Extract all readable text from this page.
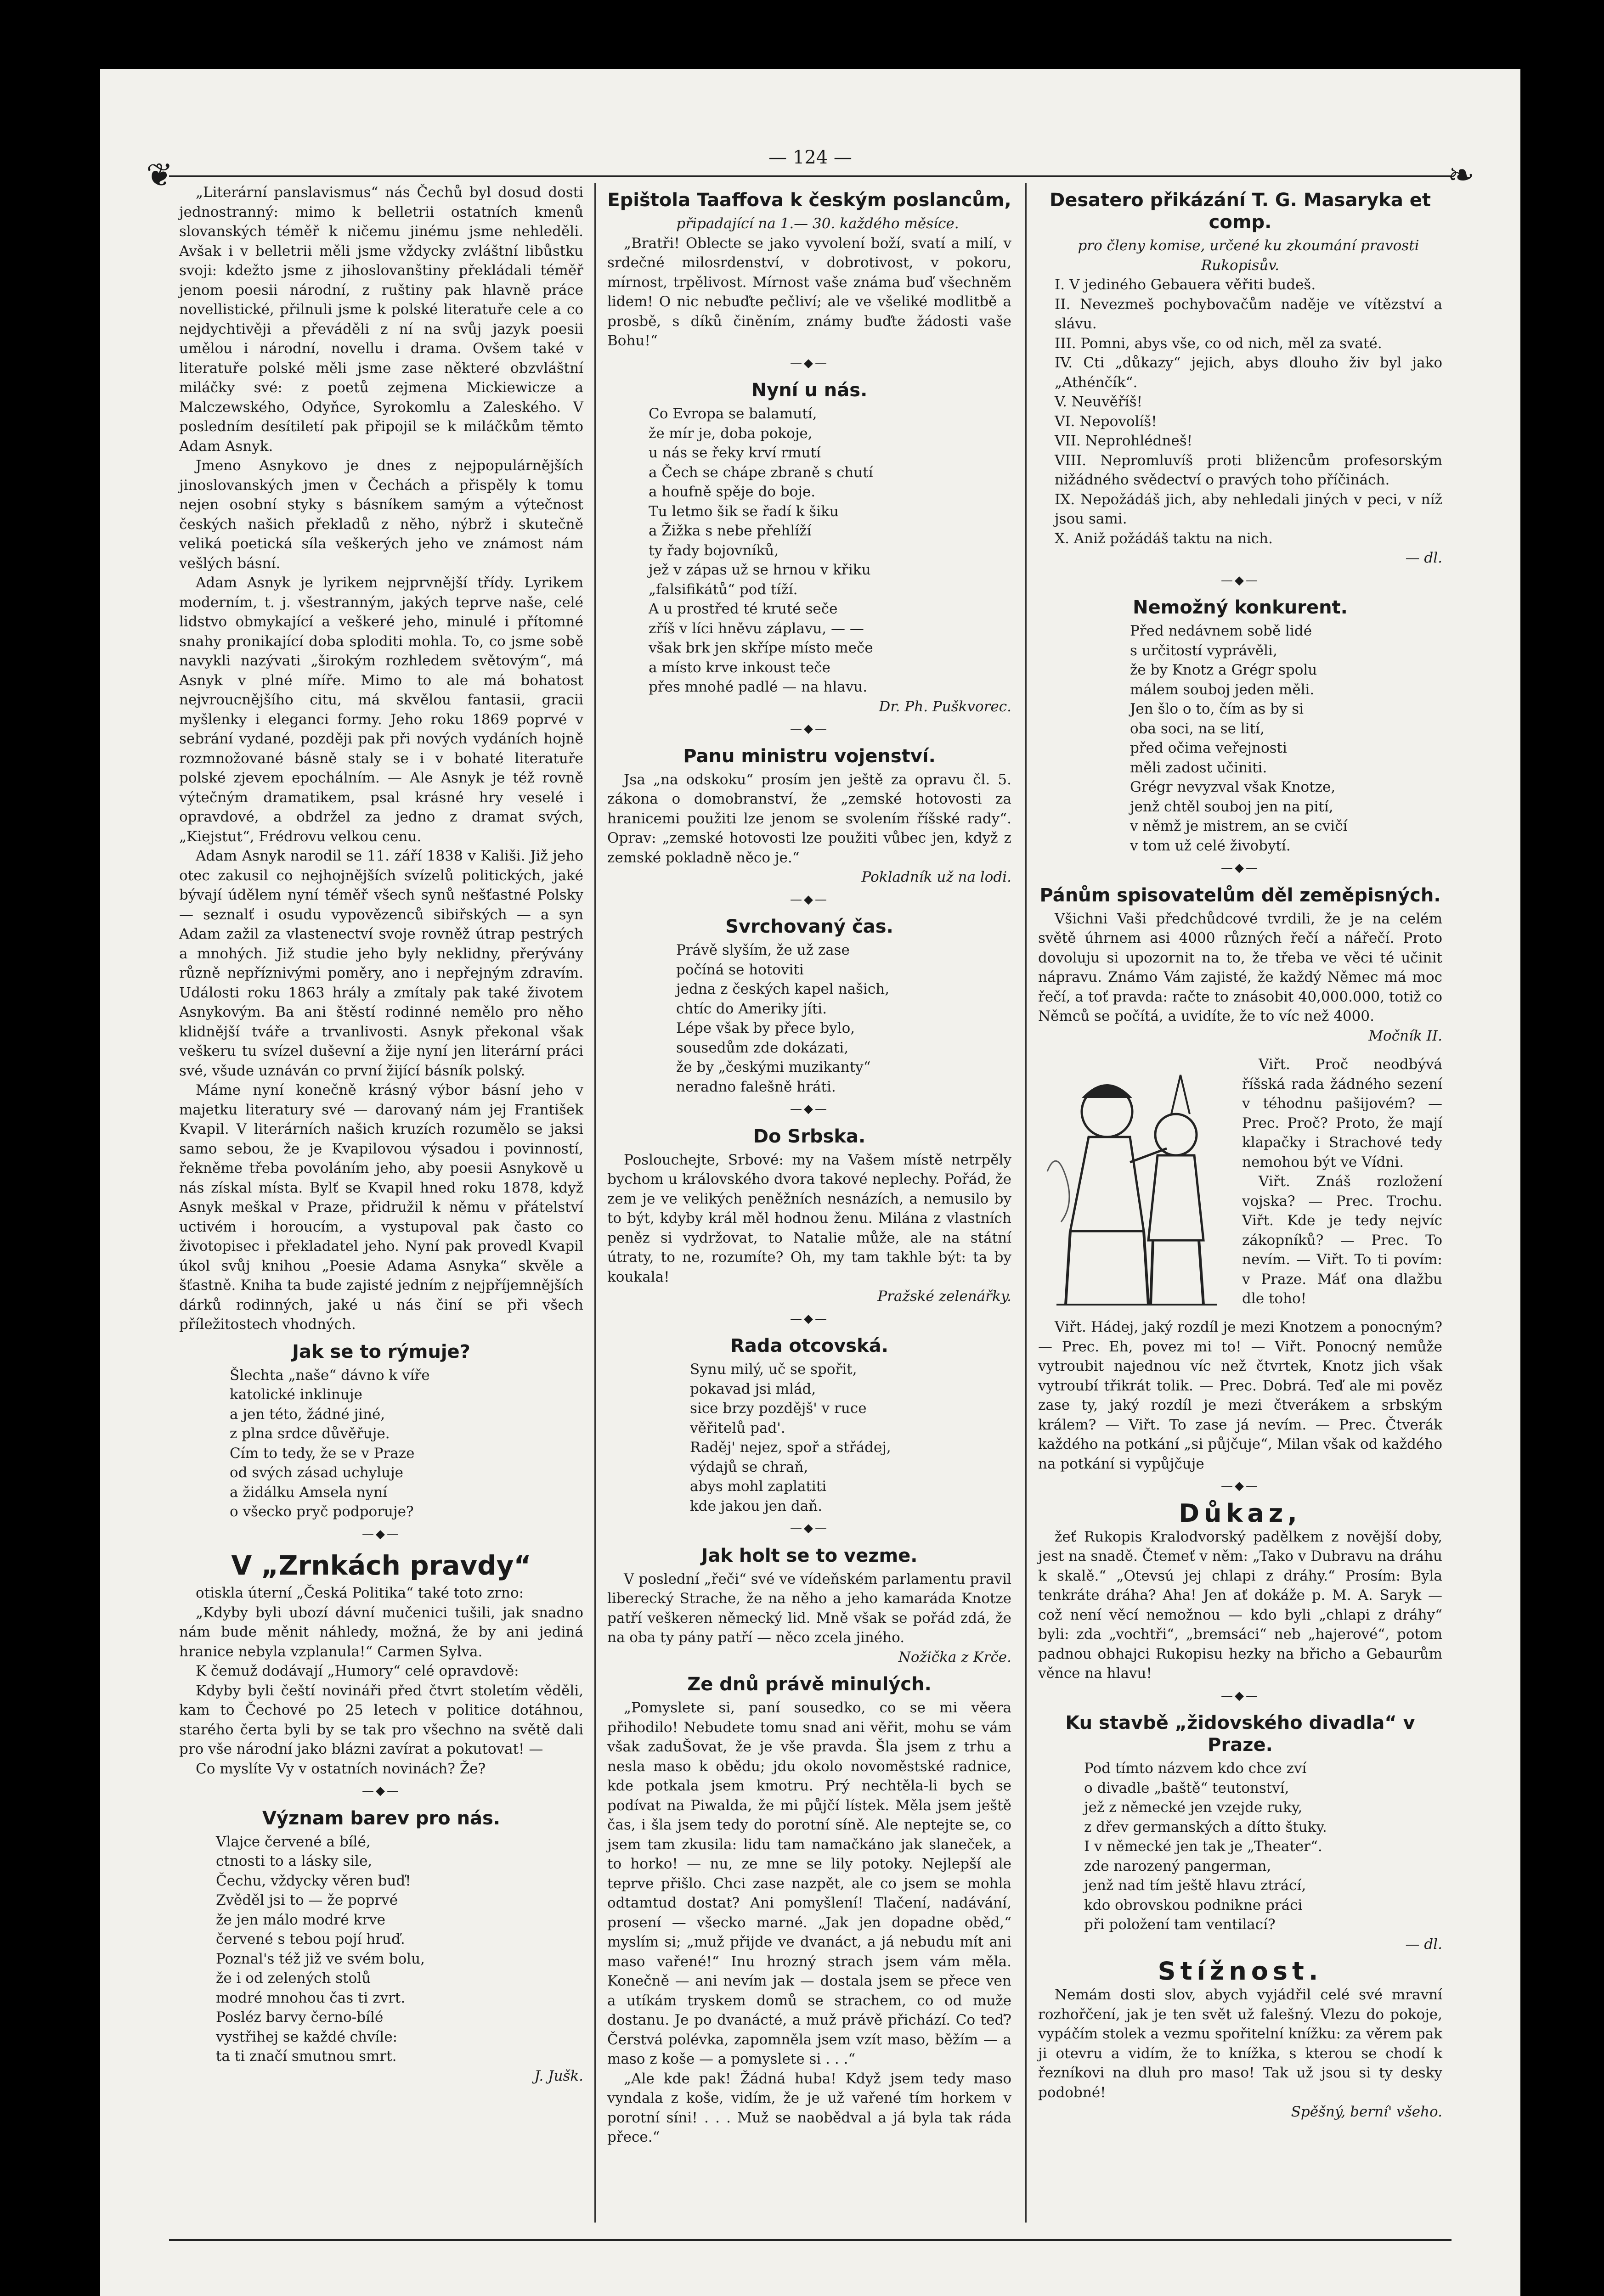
— 124 —
❦	❧

„Literární panslavismus“ nás Čechů byl dosud dosti jednostranný: mimo k belletrii ostatních kmenů slovanských téměř k ničemu jinému jsme nehleděli. Avšak i v belletrii měli jsme vždycky zvláštní libůstku svoji: kdežto jsme z jihoslovanštiny překládali téměř jenom poesii národní, z ruštiny pak hlavně práce novellistické, přilnuli jsme k polské literatuře cele a co nejdychtivěji a převáděli z ní na svůj jazyk poesii umělou i národní, novellu i drama. Ovšem také v literatuře polské měli jsme zase některé obzvláštní miláčky své: z poetů zejmena Mickiewicze a Malczewského, Odyňce, Syrokomlu a Zaleského. V posledním desítiletí pak připojil se k miláčkům těmto Adam Asnyk.

Jmeno Asnykovo je dnes z nejpopulárnějších jinoslovanských jmen v Čechách a přispěly k tomu nejen osobní styky s básníkem samým a výtečnost českých našich překladů z něho, nýbrž i skutečně veliká poetická síla veškerých jeho ve známost nám vešlých básní.

Adam Asnyk je lyrikem nejprvnější třídy. Lyrikem moderním, t. j. všestranným, jakých teprve naše, celé lidstvo obmykající a veškeré jeho, minulé i přítomné snahy pronikající doba sploditi mohla. To, co jsme sobě navykli nazývati „širokým rozhledem světovým“, má Asnyk v plné míře. Mimo to ale má bohatost nejvroucnějšího citu, má skvělou fantasii, gracii myšlenky i eleganci formy. Jeho roku 1869 poprvé v sebrání vydané, později pak při nových vydáních hojně rozmnožované básně staly se i v bohaté literatuře polské zjevem epochálním. — Ale Asnyk je též rovně výtečným dramatikem, psal krásné hry veselé i opravdové, a obdržel za jedno z dramat svých, „Kiejstut“, Frédrovu velkou cenu.

Adam Asnyk narodil se 11. září 1838 v Kališi. Již jeho otec zakusil co nejhojnějších svízelů politických, jaké bývají údělem nyní téměř všech synů nešťastné Polsky — seznalť i osudu vypovězenců sibiřských — a syn Adam zažil za vlastenectví svoje rovněž útrap pestrých a mnohých. Již studie jeho byly neklidny, přerývány různě nepříznivými poměry, ano i nepřejným zdravím. Události roku 1863 hrály a zmítaly pak také životem Asnykovým. Ba ani štěstí rodinné nemělo pro něho klidnější tváře a trvanlivosti. Asnyk překonal však veškeru tu svízel duševní a žije nyní jen literární práci své, všude uznáván co první žijící básník polský.

Máme nyní konečně krásný výbor básní jeho v majetku literatury své — darovaný nám jej František Kvapil. V literárních našich kruzích rozumělo se jaksi samo sebou, že je Kvapilovou výsadou i povinností, řekněme třeba povoláním jeho, aby poesii Asnykově u nás získal místa. Bylť se Kvapil hned roku 1878, když Asnyk meškal v Praze, přidružil k němu v přátelství uctivém i horoucím, a vystupoval pak často co životopisec i překladatel jeho. Nyní pak provedl Kvapil úkol svůj knihou „Poesie Adama Asnyka“ skvěle a šťastně. Kniha ta bude zajisté jedním z nejpříjemnějších dárků rodinných, jaké u nás činí se při všech příležitostech vhodných.

Jak se to rýmuje?

Šlechta „naše“ dávno k víře
katolické inklinuje
a jen této, žádné jiné,
z plna srdce důvěřuje.
Cím to tedy, že se v Praze
od svých zásad uchyluje
a židálku Amsela nyní
o všecko pryč podporuje?

—◆—
V „Zrnkách pravdy“

otiskla úterní „Česká Politika“ také toto zrno:

„Kdyby byli ubozí dávní mučenici tušili, jak snadno nám bude měnit náhledy, možná, že by ani jediná hranice nebyla vzplanula!“ Carmen Sylva.

K čemuž dodávají „Humory“ celé opravdově:

Kdyby byli čeští novináři před čtvrt stoletím věděli, kam to Čechové po 25 letech v politice dotáhnou, starého čerta byli by se tak pro všechno na světě dali pro vše národní jako blázni zavírat a pokutovat! —

Co myslíte Vy v ostatních novinách? Že?

—◆—
Význam barev pro nás.

Vlajce červené a bílé,
ctnosti to a lásky sile,
Čechu, vždycky věren buď!
Zvěděl jsi to — že poprvé
že jen málo modré krve
červené s tebou pojí hruď.
Poznal's též již ve svém bolu,
že i od zelených stolů
modré mnohou čas ti zvrt.
Posléz barvy černo-bílé
vystřihej se každé chvíle:
ta ti značí smutnou smrt.

J. Jušk.

Epištola Taaffova k českým poslancům,

připadající na 1.— 30. každého měsíce.

„Bratři! Oblecte se jako vyvolení boží, svatí a milí, v srdečné milosrdenství, v dobrotivost, v pokoru, mírnost, trpělivost. Mírnost vaše známa buď všechněm lidem! O nic nebuďte pečliví; ale ve všeliké modlitbě a prosbě, s díků činěním, známy buďte žádosti vaše Bohu!“

—◆—
Nyní u nás.

Co Evropa se balamutí,
že mír je, doba pokoje,
u nás se řeky krví rmutí
a Čech se chápe zbraně s chutí
a houfně spěje do boje.
Tu letmo šik se řadí k šiku
a Žižka s nebe přehlíží
ty řady bojovníků,
jež v zápas už se hrnou v křiku
„falsifikátů“ pod tíží.
A u prostřed té kruté seče
zříš v líci hněvu záplavu, — —
však brk jen skřípe místo meče
a místo krve inkoust teče
přes mnohé padlé — na hlavu.

Dr. Ph. Puškvorec.

—◆—
Panu ministru vojenství.

Jsa „na odskoku“ prosím jen ještě za opravu čl. 5. zákona o domobranství, že „zemské hotovosti za hranicemi použiti lze jenom se svolením říšské rady“. Oprav: „zemské hotovosti lze použiti vůbec jen, když z zemské pokladně něco je.“

Pokladník už na lodi.

—◆—
Svrchovaný čas.

Právě slyším, že už zase
počíná se hotoviti
jedna z českých kapel našich,
chtíc do Ameriky jíti.
Lépe však by přece bylo,
sousedům zde dokázati,
že by „českými muzikanty“
neradno falešně hráti.

—◆—
Do Srbska.

Poslouchejte, Srbové: my na Vašem místě netrpěly bychom u královského dvora takové neplechy. Pořád, že zem je ve velikých peněžních nesnázích, a nemusilo by to být, kdyby král měl hodnou ženu. Milána z vlastních peněz si vydržovat, to Natalie může, ale na státní útraty, to ne, rozumíte? Oh, my tam takhle být: ta by koukala!

Pražské zelenářky.

—◆—
Rada otcovská.

Synu milý, uč se spořit,
pokavad jsi mlád,
sice brzy pozdějš' v ruce
věřitelů pad'.
Raděj' nejez, spoř a střádej,
výdajů se chraň,
abys mohl zaplatiti
kde jakou jen daň.

—◆—
Jak holt se to vezme.

V poslední „řeči“ své ve vídeňském parlamentu pravil liberecký Strache, že na něho a jeho kamaráda Knotze patří veškeren německý lid. Mně však se pořád zdá, že na oba ty pány patří — něco zcela jiného.

Nožička z Krče.

Ze dnů právě minulých.

„Pomyslete si, paní sousedko, co se mi věera přihodilo! Nebudete tomu snad ani věřit, mohu se vám však zaduŠovat, že je vše pravda. Šla jsem z trhu a nesla maso k obědu; jdu okolo novoměstské radnice, kde potkala jsem kmotru. Prý nechtěla-li bych se podívat na Piwalda, že mi půjčí lístek. Měla jsem ještě čas, i šla jsem tedy do porotní síně. Ale neptejte se, co jsem tam zkusila: lidu tam namačkáno jak slaneček, a to horko! — nu, ze mne se lily potoky. Nejlepší ale teprve přišlo. Chci zase nazpět, ale co jsem se mohla odtamtud dostat? Ani pomyšlení! Tlačení, nadávání, prosení — všecko marné. „Jak jen dopadne oběd,“ myslím si; „muž přijde ve dvanáct, a já nebudu mít ani maso vařené!“ Inu hrozný strach jsem vám měla. Konečně — ani nevím jak — dostala jsem se přece ven a utíkám tryskem domů se strachem, co od muže dostanu. Je po dvanácté, a muž právě přichází. Co teď? Čerstvá polévka, zapomněla jsem vzít maso, běžím — a maso z koše — a pomyslete si . . .“

„Ale kde pak! Žádná huba! Když jsem tedy maso vyndala z koše, vidím, že je už vařené tím horkem v porotní síni! . . . Muž se naobědval a já byla tak ráda přece.“

Desatero přikázání T. G. Masaryka et comp.

pro členy komise, určené ku zkoumání pravosti Rukopisův.

I. V jediného Gebauera věřiti budeš.

II. Nevezmeš pochybovačům naděje ve vítězství a slávu.

III. Pomni, abys vše, co od nich, měl za svaté.

IV. Cti „důkazy“ jejich, abys dlouho živ byl jako „Athénčík“.

V. Neuvěříš!

VI. Nepovolíš!

VII. Neprohlédneš!

VIII. Nepromluvíš proti bližencům profesorským nižádného svědectví o pravých toho příčinách.

IX. Nepožádáš jich, aby nehledali jiných v peci, v níž jsou sami.

X. Aniž požádáš taktu na nich.

— dl.

—◆—
Nemožný konkurent.

Před nedávnem sobě lidé
s určitostí vyprávěli,
že by Knotz a Grégr spolu
málem souboj jeden měli.
Jen šlo o to, čím as by si
oba soci, na se lití,
před očima veřejnosti
měli zadost učiniti.
Grégr nevyzval však Knotze,
jenž chtěl souboj jen na pití,
v němž je mistrem, an se cvičí
v tom už celé živobytí.

—◆—
Pánům spisovatelům děl zeměpisných.

Všichni Vaši předchůdcové tvrdili, že je na celém světě úhrnem asi 4000 různých řečí a nářečí. Proto dovoluju si upozornit na to, že třeba ve věci té učinit nápravu. Známo Vám zajisté, že každý Němec má moc řečí, a toť pravda: račte to znásobit 40,000.000, totiž co Němců se počítá, a uvidíte, že to víc než 4000.

Močník II.

Viřt. Proč neodbývá říšská rada žádného sezení v téhodnu pašijovém? — Prec. Proč? Proto, že mají klapačky i Strachové tedy nemohou být ve Vídni.

Viřt. Znáš rozložení vojska? — Prec. Trochu. Viřt. Kde je tedy nejvíc zákopníků? — Prec. To nevím. — Viřt. To ti povím: v Praze. Máť ona dlažbu dle toho!

Viřt. Hádej, jaký rozdíl je mezi Knotzem a ponocným? — Prec. Eh, povez mi to! — Viřt. Ponocný nemůže vytroubit najednou víc než čtvrtek, Knotz jich však vytroubí třikrát tolik. — Prec. Dobrá. Teď ale mi pověz zase ty, jaký rozdíl je mezi čtverákem a srbským králem? — Viřt. To zase já nevím. — Prec. Čtverák každého na potkání „si půjčuje“, Milan však od každého na potkání si vypůjčuje

—◆—
Důkaz,

žeť Rukopis Kralodvorský padělkem z novější doby, jest na snadě. Čtemeť v něm: „Tako v Dubravu na dráhu k skalě.“ „Otevsú jej chlapi z dráhy.“ Prosím: Byla tenkráte dráha? Aha! Jen ať dokáže p. M. A. Saryk — což není věcí nemožnou — kdo byli „chlapi z dráhy“ byli: zda „vochtři“, „bremsáci“ neb „hajerové“, potom padnou obhajci Rukopisu hezky na břicho a Gebaurům věnce na hlavu!

—◆—
Ku stavbě „židovského divadla“ v Praze.

Pod tímto názvem kdo chce zví
o divadle „baště“ teutonství,
jež z německé jen vzejde ruky,
z dřev germanských a dítto štuky.
I v německé jen tak je „Theater“.
zde narozený pangerman,
jenž nad tím ještě hlavu ztrácí,
kdo obrovskou podnikne práci
při položení tam ventilací?

— dl.

Stížnost.

Nemám dosti slov, abych vyjádřil celé své mravní rozhořčení, jak je ten svět už falešný. Vlezu do pokoje, vypáčím stolek a vezmu spořitelní knížku: za věrem pak ji otevru a vidím, že to knížka, s kterou se chodí k řezníkovi na dluh pro maso! Tak už jsou si ty desky podobné!

Spěšný, berní' všeho.
